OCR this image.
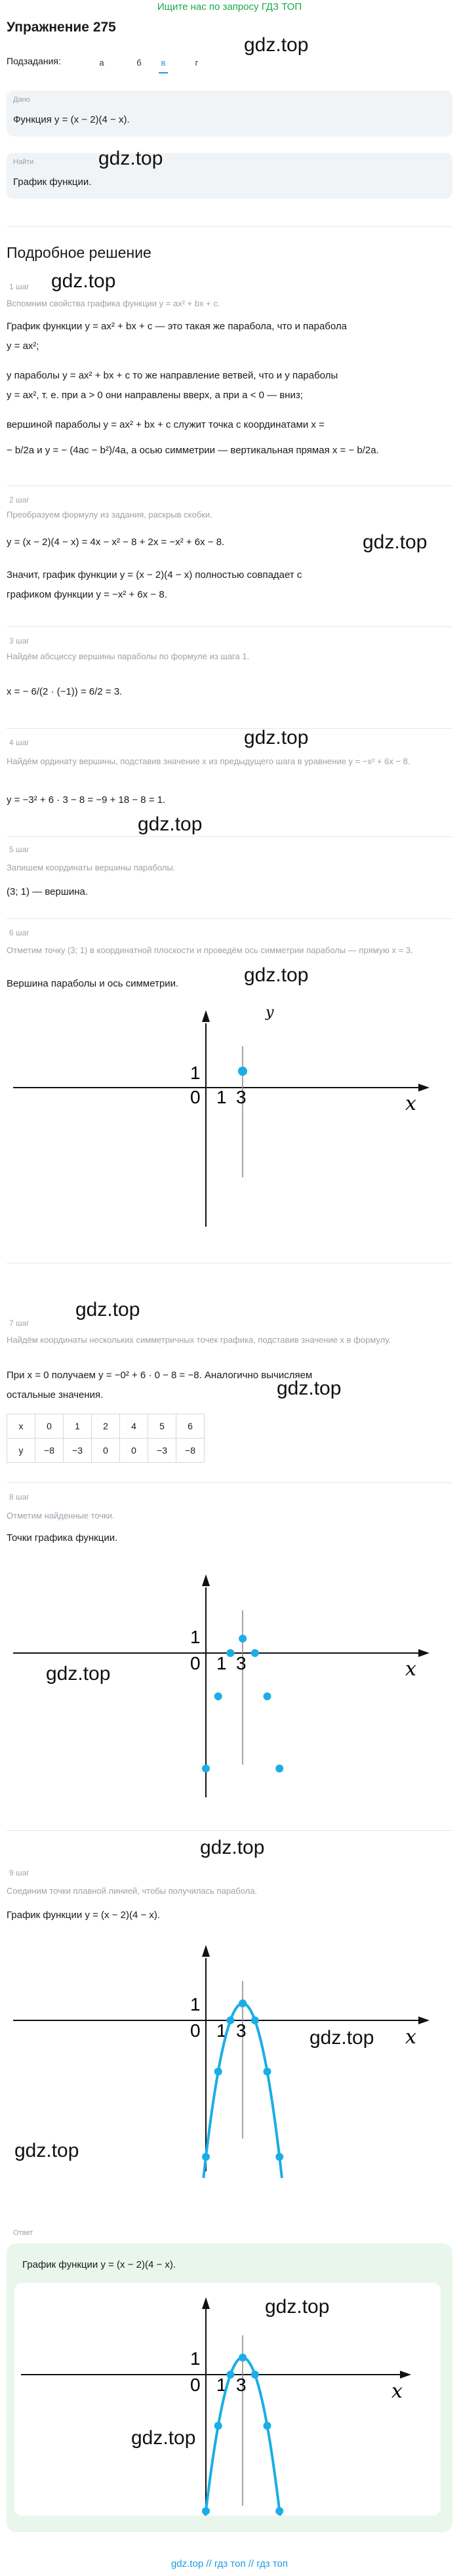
Ищите нас по запросу ГДЗ ТОП
Упражнение 275
Подзадания:	а	б	в	г
gdz.top
Дано
Функция y = (x − 2)(4 − x).
Найти
График функции.
gdz.top
Подробное решение
gdz.top
1 шаг
Вспомним свойства графика функции y = ax² + bx + c.
График функции y = ax² + bx + c — это такая же парабола, что и парабола
y = ax²;
у параболы y = ax² + bx + c то же направление ветвей, что и у параболы
y = ax², т. е. при a > 0 они направлены вверх, а при a < 0 — вниз;
вершиной параболы y = ax² + bx + c служит точка с координатами x =
− b/2a и y = − (4ac − b²)/4a, а осью симметрии — вертикальная прямая x = − b/2a.
2 шаг
Преобразуем формулу из задания, раскрыв скобки.
y = (x − 2)(4 − x) = 4x − x² − 8 + 2x = −x² + 6x − 8.	gdz.top
Значит, график функции y = (x − 2)(4 − x) полностью совпадает с
графиком функции y = −x² + 6x − 8.
3 шаг
Найдём абсциссу вершины параболы по формуле из шага 1.
x = − 6/(2 · (−1)) = 6/2 = 3.
4 шаг	gdz.top
Найдём ординату вершины, подставив значение x из предыдущего шага в уравнение y = −x² + 6x − 8.
y = −3² + 6 · 3 − 8 = −9 + 18 − 8 = 1.
gdz.top
5 шаг
Запишем координаты вершины параболы.
(3; 1) — вершина.
6 шаг
Отметим точку (3; 1) в координатной плоскости и проведём ось симметрии параболы — прямую x = 3.
Вершина параболы и ось симметрии.	gdz.top
1
0 1 3	x
y
gdz.top
7 шаг
Найдём координаты нескольких симметричных точек графика, подставив значение x в формулу.
При x = 0 получаем y = −0² + 6 · 0 − 8 = −8. Аналогично вычисляем
остальные значения.	gdz.top
x	0	1	2	4	5	6
y	−8	−3	0	0	−3	−8
8 шаг
Отметим найденные точки.
Точки графика функции.
1
0 1 3	x
gdz.top
gdz.top
9 шаг
Соединим точки плавной линией, чтобы получилась парабола.
График функции y = (x − 2)(4 − x).
1
0 1 3	x
gdz.top
gdz.top
Ответ
График функции y = (x − 2)(4 − x).
1
0 1 3	x
gdz.top
gdz.top
gdz.top // гдз топ // гдз топ
